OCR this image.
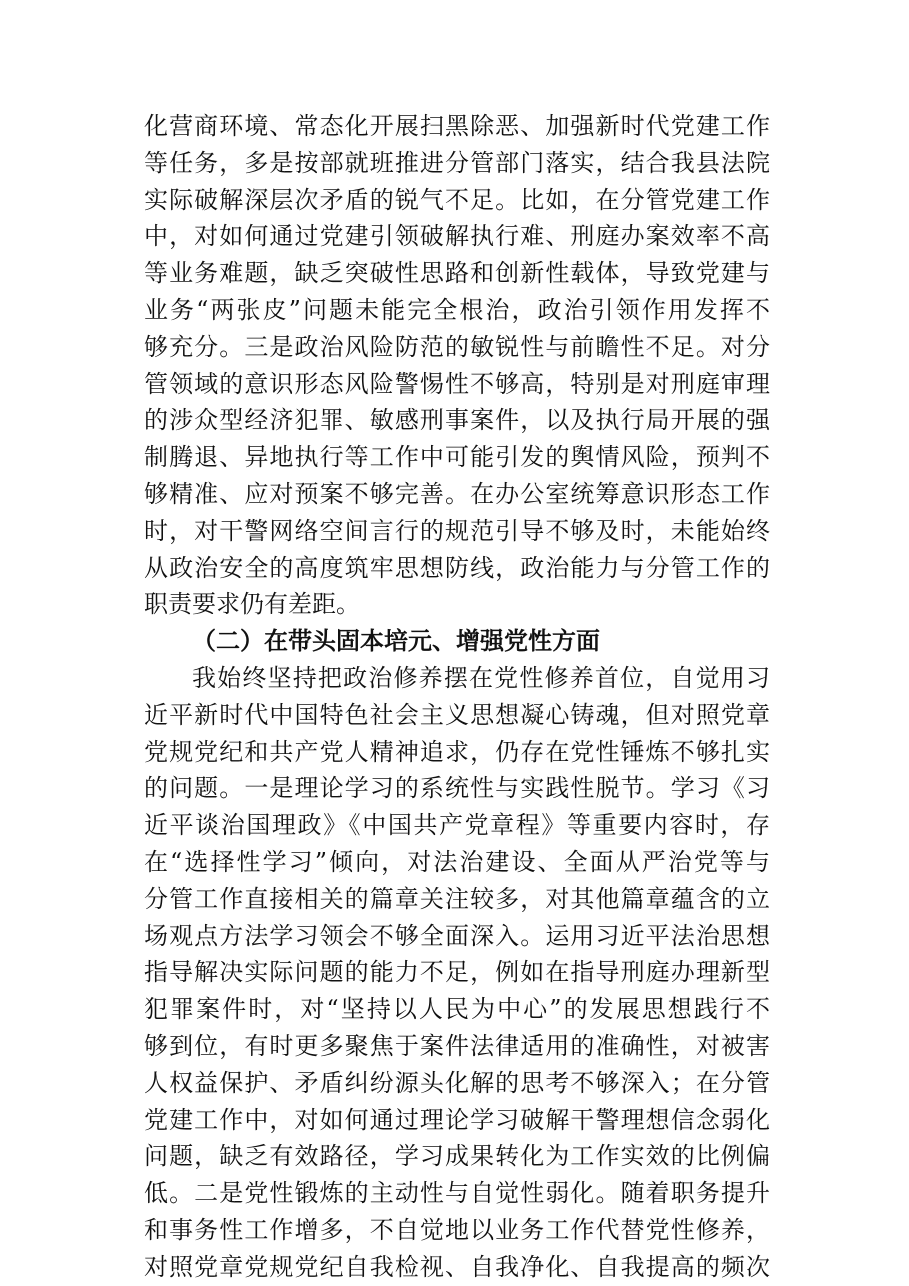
化营商环境、常态化开展扫黑除恶、加强新时代党建工作
等任务，多是按部就班推进分管部门落实，结合我县法院
实际破解深层次矛盾的锐气不足。比如，在分管党建工作
中，对如何通过党建引领破解执行难、刑庭办案效率不高
等业务难题，缺乏突破性思路和创新性载体，导致党建与
业务“两张皮”问题未能完全根治，政治引领作用发挥不
够充分。三是政治风险防范的敏锐性与前瞻性不足。对分
管领域的意识形态风险警惕性不够高，特别是对刑庭审理
的涉众型经济犯罪、敏感刑事案件，以及执行局开展的强
制腾退、异地执行等工作中可能引发的舆情风险，预判不
够精准、应对预案不够完善。在办公室统筹意识形态工作
时，对干警网络空间言行的规范引导不够及时，未能始终
从政治安全的高度筑牢思想防线，政治能力与分管工作的
职责要求仍有差距。
（二）在带头固本培元、增强党性方面
我始终坚持把政治修养摆在党性修养首位，自觉用习
近平新时代中国特色社会主义思想凝心铸魂，但对照党章
党规党纪和共产党人精神追求，仍存在党性锤炼不够扎实
的问题。一是理论学习的系统性与实践性脱节。学习《习
近平谈治国理政》《中国共产党章程》等重要内容时，存
在“选择性学习”倾向，对法治建设、全面从严治党等与
分管工作直接相关的篇章关注较多，对其他篇章蕴含的立
场观点方法学习领会不够全面深入。运用习近平法治思想
指导解决实际问题的能力不足，例如在指导刑庭办理新型
犯罪案件时，对“坚持以人民为中心”的发展思想践行不
够到位，有时更多聚焦于案件法律适用的准确性，对被害
人权益保护、矛盾纠纷源头化解的思考不够深入；在分管
党建工作中，对如何通过理论学习破解干警理想信念弱化
问题，缺乏有效路径，学习成果转化为工作实效的比例偏
低。二是党性锻炼的主动性与自觉性弱化。随着职务提升
和事务性工作增多，不自觉地以业务工作代替党性修养，
对照党章党规党纪自我检视、自我净化、自我提高的频次
